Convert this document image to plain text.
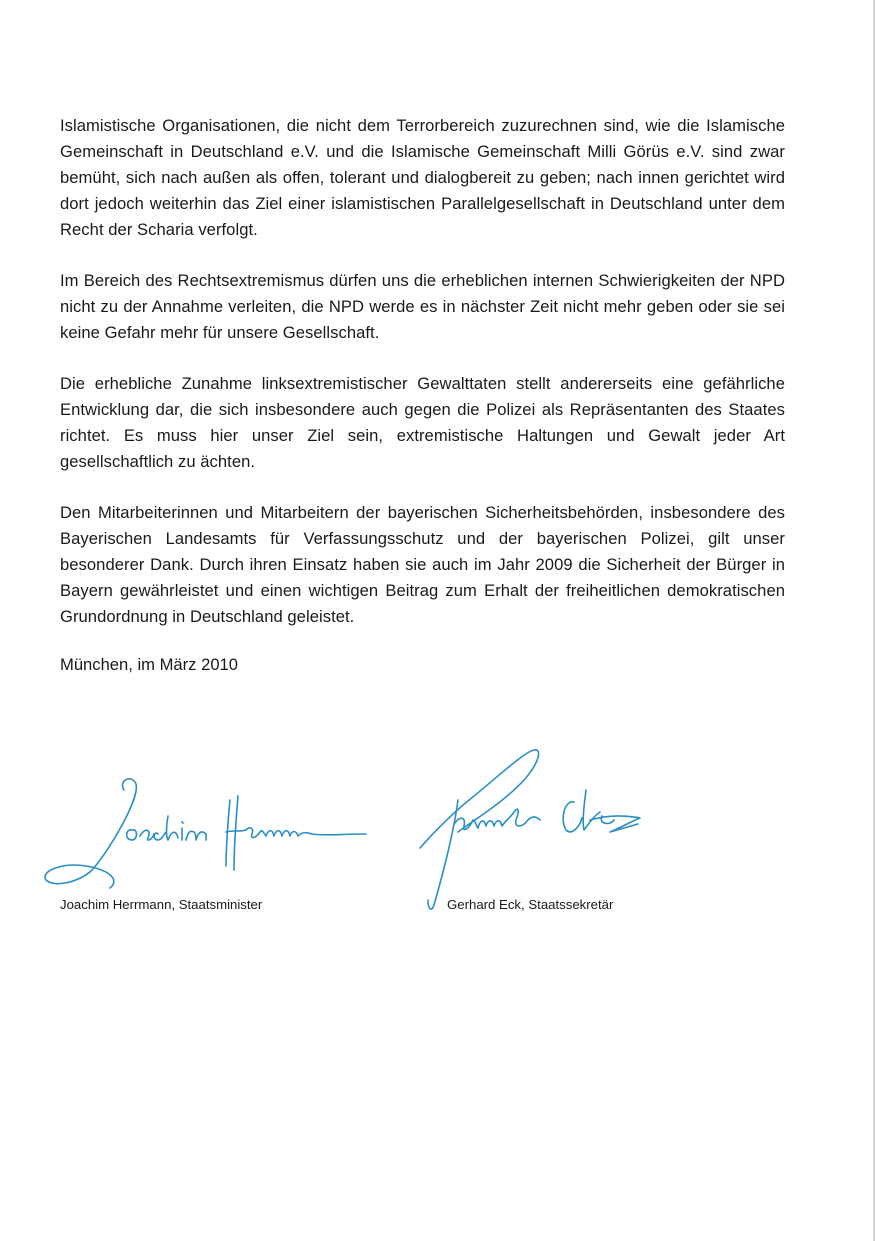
Islamistische Organisationen, die nicht dem Terrorbereich zuzurechnen sind, wie die Islamische Gemeinschaft in Deutschland e.V. und die Islamische Gemeinschaft Milli Görüs e.V. sind zwar bemüht, sich nach außen als offen, tolerant und dialogbereit zu geben; nach innen gerichtet wird dort jedoch weiterhin das Ziel einer islamistischen Parallelgesellschaft in Deutschland unter dem Recht der Scharia verfolgt.

Im Bereich des Rechtsextremismus dürfen uns die erheblichen internen Schwierigkeiten der NPD nicht zu der Annahme verleiten, die NPD werde es in nächster Zeit nicht mehr geben oder sie sei keine Gefahr mehr für unsere Gesellschaft.

Die erhebliche Zunahme linksextremistischer Gewalttaten stellt andererseits eine gefährliche Entwicklung dar, die sich insbesondere auch gegen die Polizei als Repräsentanten des Staates richtet. Es muss hier unser Ziel sein, extremistische Haltungen und Gewalt jeder Art gesellschaftlich zu ächten.

Den Mitarbeiterinnen und Mitarbeitern der bayerischen Sicherheitsbehörden, insbesondere des Bayerischen Landesamts für Verfassungsschutz und der bayerischen Polizei, gilt unser besonderer Dank. Durch ihren Einsatz haben sie auch im Jahr 2009 die Sicherheit der Bürger in Bayern gewährleistet und einen wichtigen Beitrag zum Erhalt der freiheitlichen demokratischen Grundordnung in Deutschland geleistet.

München, im März 2010

Joachim Herrmann, Staatsminister	Gerhard Eck, Staatssekretär
